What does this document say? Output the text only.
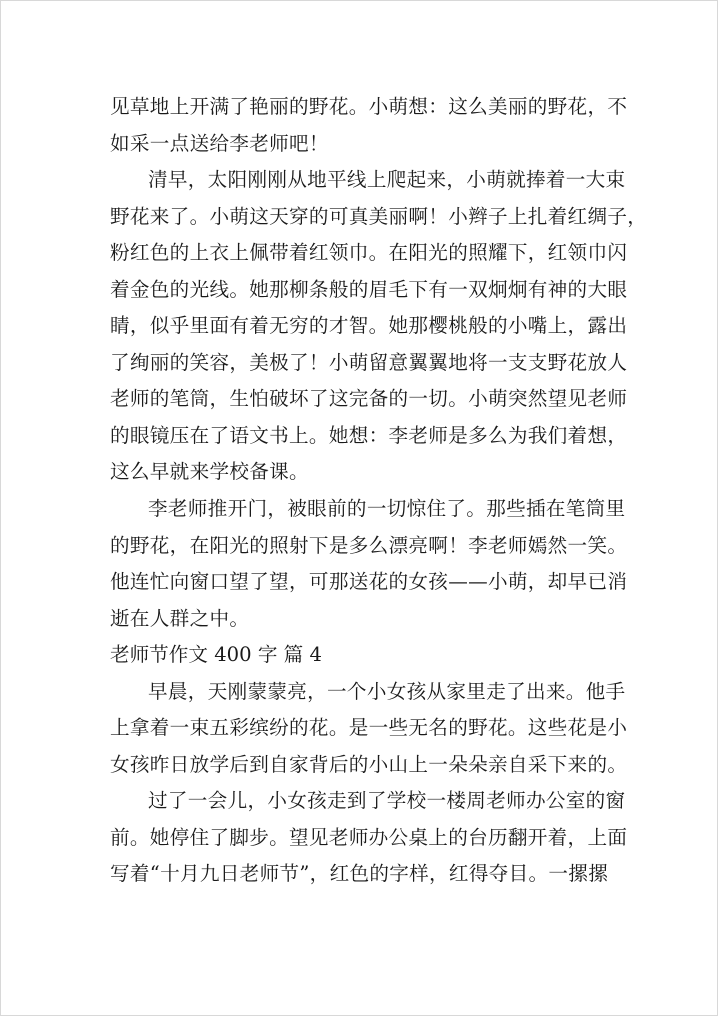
见草地上开满了艳丽的野花。小萌想：这么美丽的野花，不
如采一点送给李老师吧！
清早，太阳刚刚从地平线上爬起来，小萌就捧着一大束
野花来了。小萌这天穿的可真美丽啊！小辫子上扎着红绸子，
粉红色的上衣上佩带着红领巾。在阳光的照耀下，红领巾闪
着金色的光线。她那柳条般的眉毛下有一双炯炯有神的大眼
睛，似乎里面有着无穷的才智。她那樱桃般的小嘴上，露出
了绚丽的笑容，美极了！小萌留意翼翼地将一支支野花放人
老师的笔筒，生怕破坏了这完备的一切。小萌突然望见老师
的眼镜压在了语文书上。她想：李老师是多么为我们着想，
这么早就来学校备课。
李老师推开门，被眼前的一切惊住了。那些插在笔筒里
的野花，在阳光的照射下是多么漂亮啊！李老师嫣然一笑。
他连忙向窗口望了望，可那送花的女孩——小萌，却早已消
逝在人群之中。
老师节作文 400 字 篇 4
早晨，天刚蒙蒙亮，一个小女孩从家里走了出来。他手
上拿着一束五彩缤纷的花。是一些无名的野花。这些花是小
女孩昨日放学后到自家背后的小山上一朵朵亲自采下来的。
过了一会儿，小女孩走到了学校一楼周老师办公室的窗
前。她停住了脚步。望见老师办公桌上的台历翻开着，上面
写着“十月九日老师节”，红色的字样，红得夺目。一摞摞
